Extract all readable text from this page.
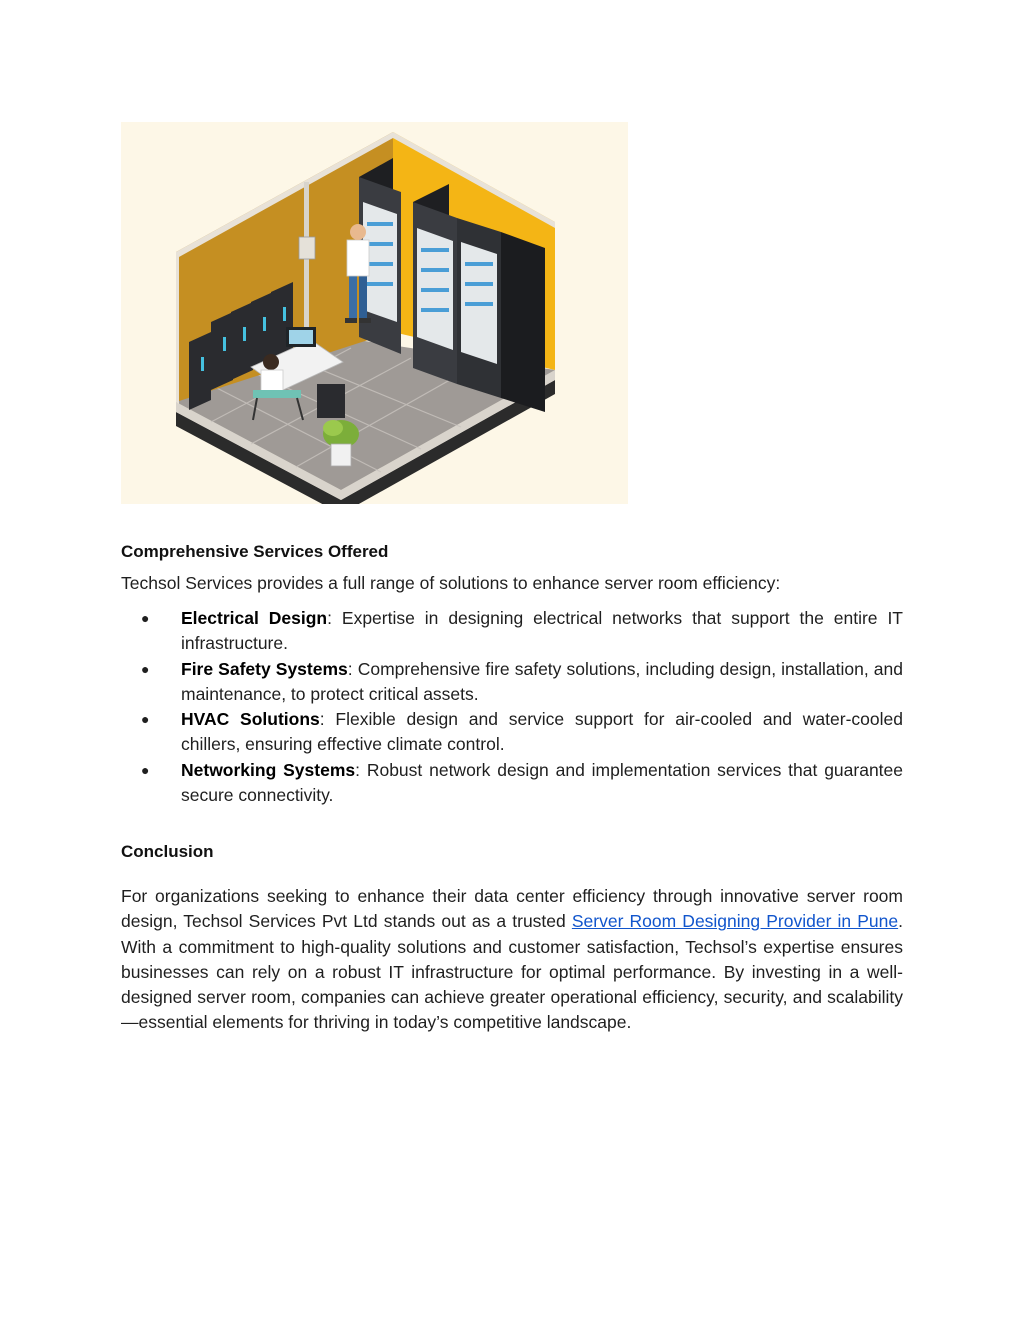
Comprehensive Services Offered

Techsol Services provides a full range of solutions to enhance server room efficiency:

● Electrical Design: Expertise in designing electrical networks that support the entire IT infrastructure.
● Fire Safety Systems: Comprehensive fire safety solutions, including design, installation, and maintenance, to protect critical assets.
● HVAC Solutions: Flexible design and service support for air-cooled and water-cooled chillers, ensuring effective climate control.
● Networking Systems: Robust network design and implementation services that guarantee secure connectivity.
Conclusion

For organizations seeking to enhance their data center efficiency through innovative server room design, Techsol Services Pvt Ltd stands out as a trusted Server Room Designing Provider in Pune. With a commitment to high-quality solutions and customer satisfaction, Techsol’s expertise ensures businesses can rely on a robust IT infrastructure for optimal performance. By investing in a well-designed server room, companies can achieve greater operational efficiency, security, and scalability—essential elements for thriving in today’s competitive landscape.
